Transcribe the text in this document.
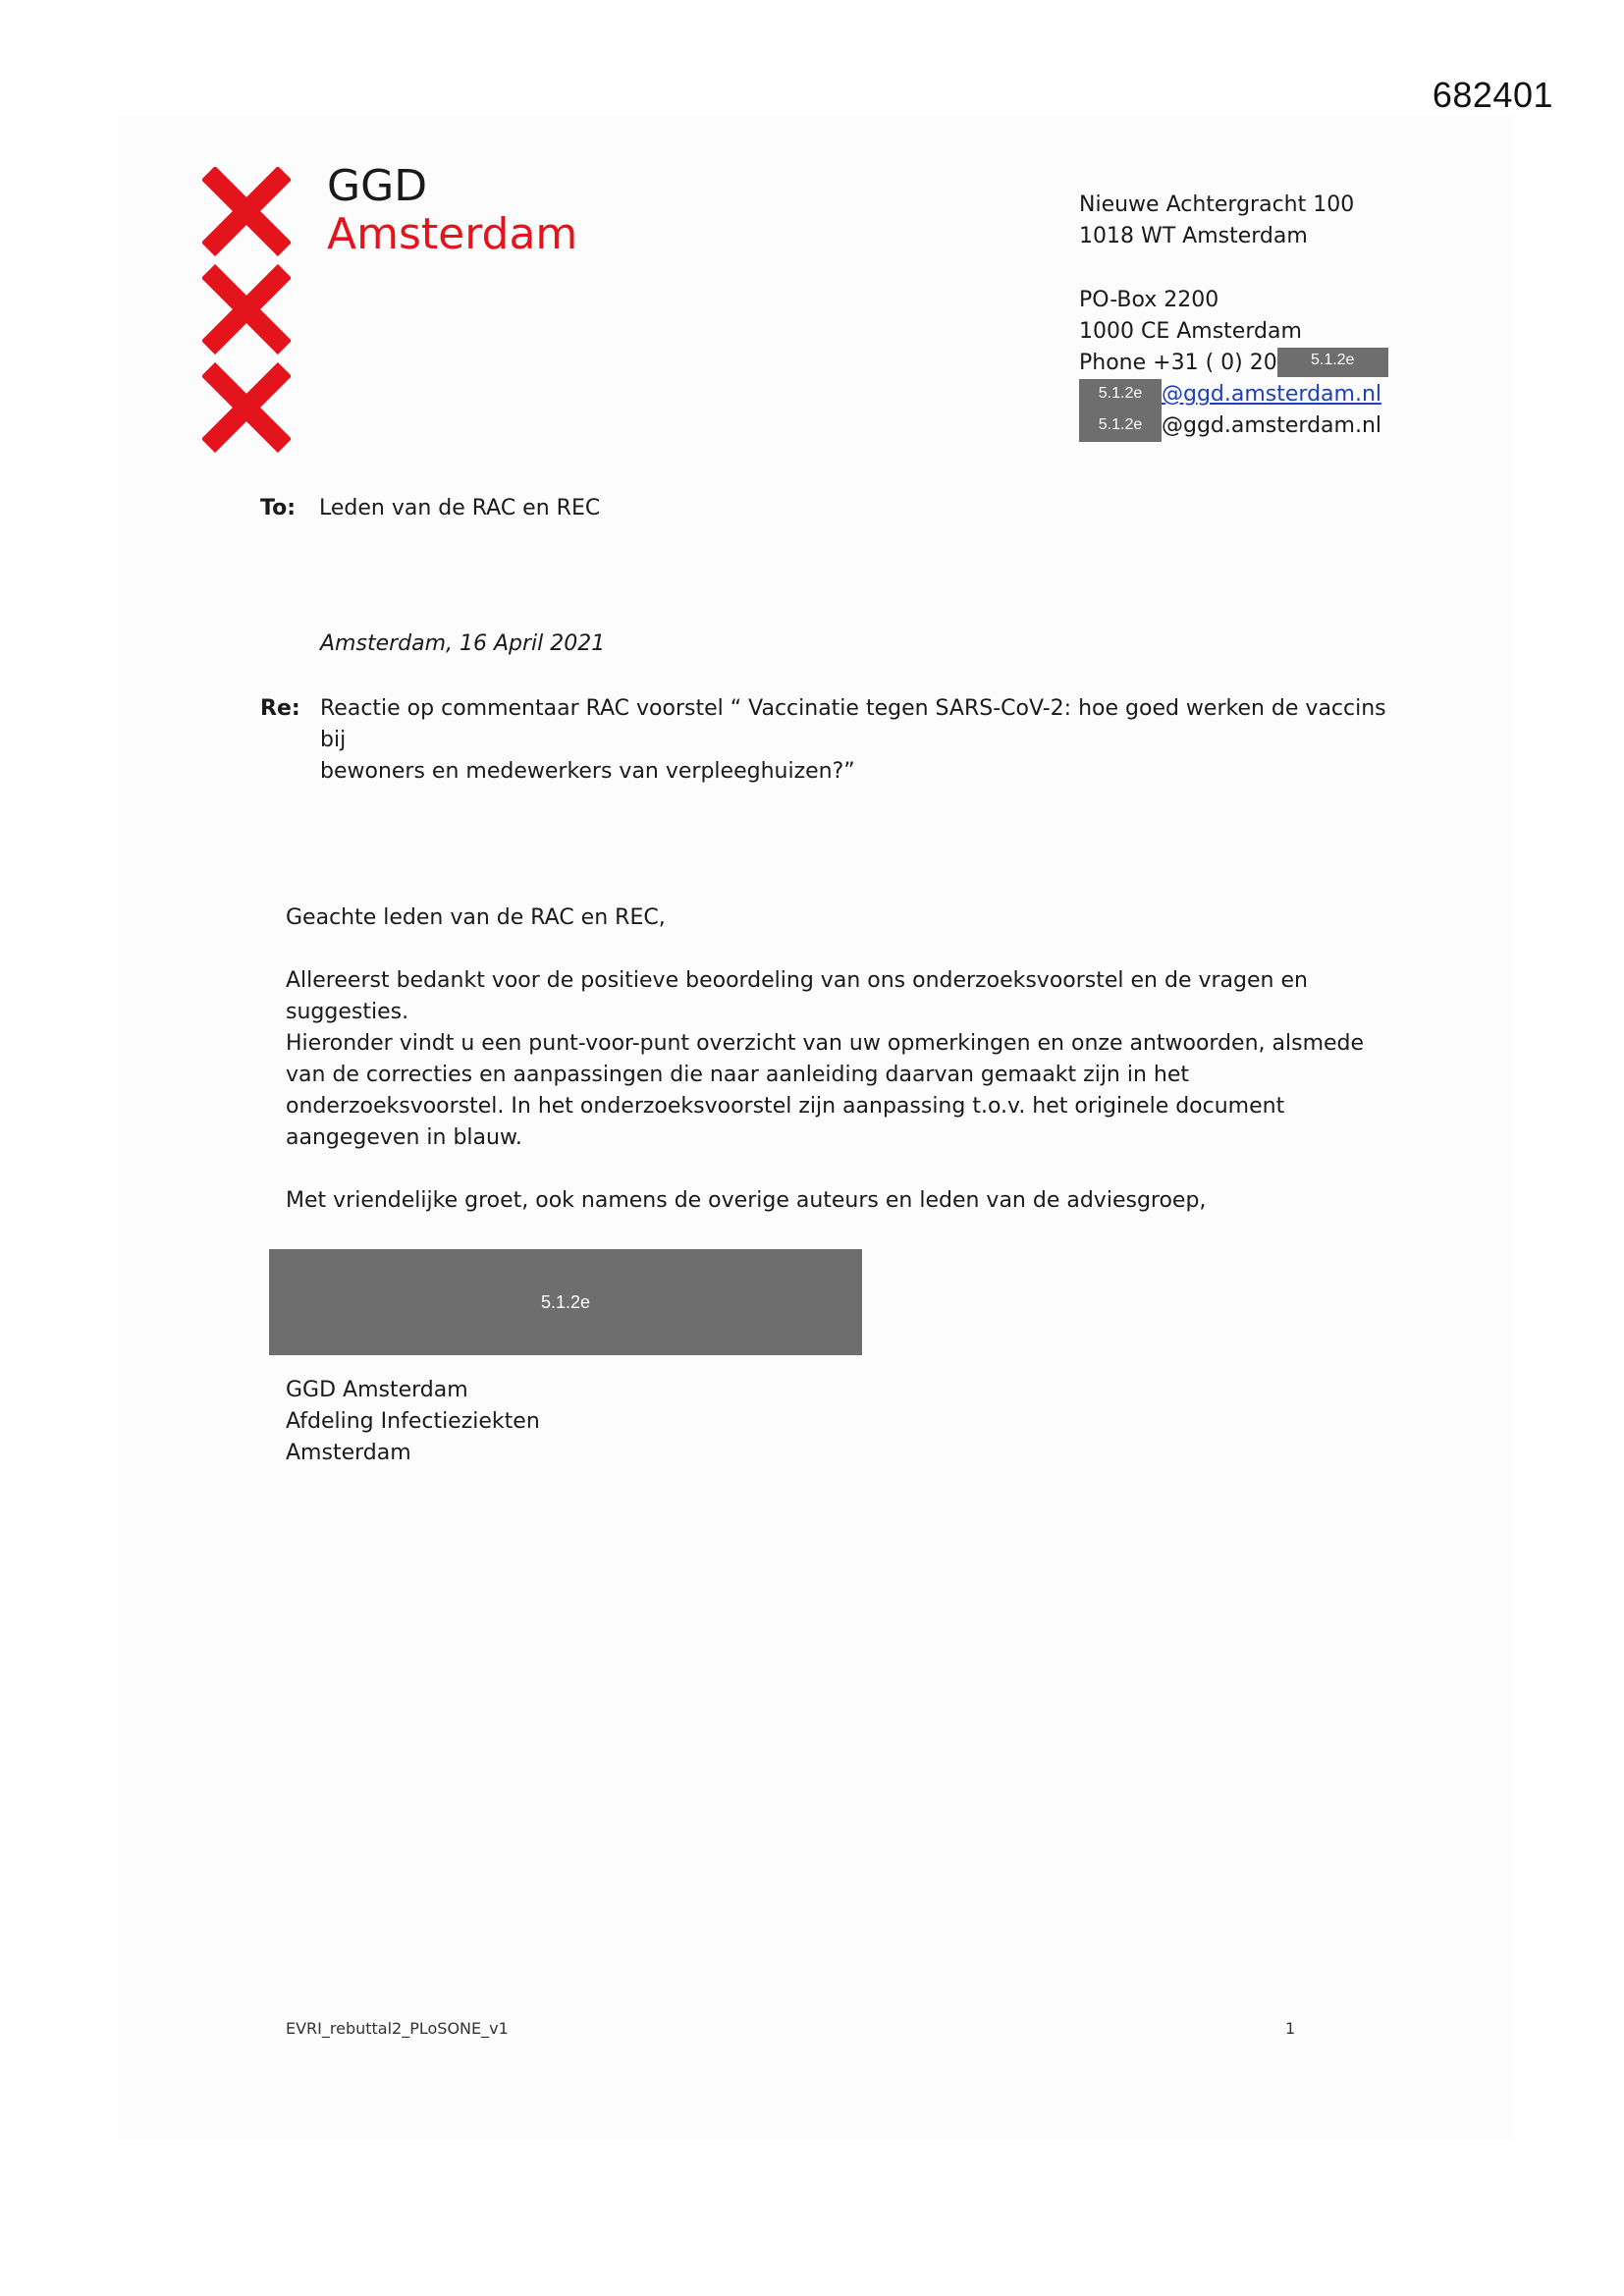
682401
GGD
Amsterdam
Nieuwe Achtergracht 100
1018 WT Amsterdam
PO-Box 2200
1000 CE Amsterdam
Phone +31 ( 0) 20 5.1.2e
5.1.2e @ggd.amsterdam.nl
5.1.2e @ggd.amsterdam.nl
To: Leden van de RAC en REC
Amsterdam, 16 April 2021
Re: Reactie op commentaar RAC voorstel “ Vaccinatie tegen SARS-CoV-2: hoe goed werken de vaccins bij
bewoners en medewerkers van verpleeghuizen?”
Geachte leden van de RAC en REC,
Allereerst bedankt voor de positieve beoordeling van ons onderzoeksvoorstel en de vragen en
suggesties.
Hieronder vindt u een punt-voor-punt overzicht van uw opmerkingen en onze antwoorden, alsmede
van de correcties en aanpassingen die naar aanleiding daarvan gemaakt zijn in het
onderzoeksvoorstel. In het onderzoeksvoorstel zijn aanpassing t.o.v. het originele document
aangegeven in blauw.
Met vriendelijke groet, ook namens de overige auteurs en leden van de adviesgroep,
5.1.2e
GGD Amsterdam
Afdeling Infectieziekten
Amsterdam
EVRI_rebuttal2_PLoSONE_v1	1
